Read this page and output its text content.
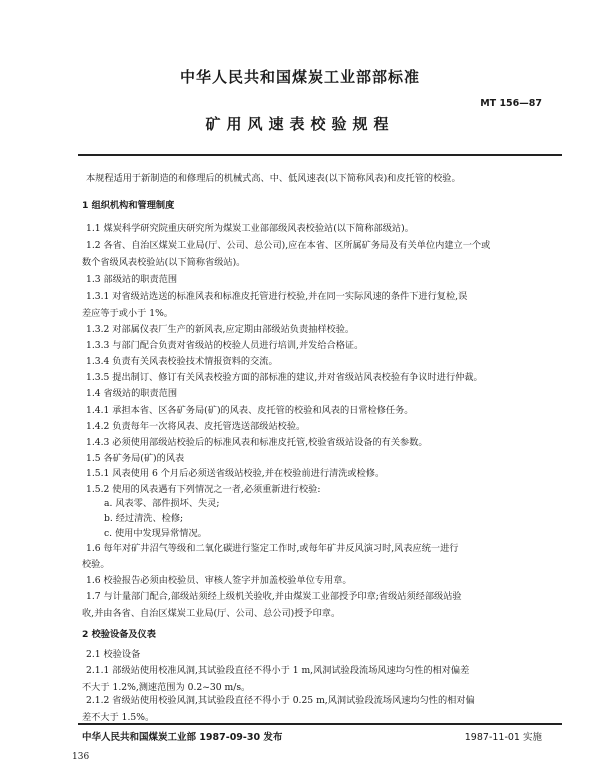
中华人民共和国煤炭工业部部标准
MT 156—87
矿用风速表校验规程
本规程适用于新制造的和修理后的机械式高、中、低风速表(以下简称风表)和皮托管的校验。
1 组织机构和管理制度
1.1 煤炭科学研究院重庆研究所为煤炭工业部部级风表校验站(以下简称部级站)。
1.2 各省、自治区煤炭工业局(厅、公司、总公司),应在本省、区所属矿务局及有关单位内建立一个或
数个省级风表校验站(以下简称省级站)。
1.3 部级站的职责范围
1.3.1 对省级站选送的标准风表和标准皮托管进行校验,并在同一实际风速的条件下进行复检,误
差应等于或小于 1%。
1.3.2 对部属仪表厂生产的新风表,应定期由部级站负责抽样校验。
1.3.3 与部门配合负责对省级站的校验人员进行培训,并发给合格证。
1.3.4 负责有关风表校验技术情报资料的交流。
1.3.5 提出制订、修订有关风表校验方面的部标准的建议,并对省级站风表校验有争议时进行仲裁。
1.4 省级站的职责范围
1.4.1 承担本省、区各矿务局(矿)的风表、皮托管的校验和风表的日常检修任务。
1.4.2 负责每年一次将风表、皮托管选送部级站校验。
1.4.3 必须使用部级站校验后的标准风表和标准皮托管,校验省级站设备的有关参数。
1.5 各矿务局(矿)的风表
1.5.1 风表使用 6 个月后必须送省级站校验,并在校验前进行清洗或检修。
1.5.2 使用的风表遇有下列情况之一者,必须重新进行校验:
a. 风表零、部件损坏、失灵;
b. 经过清洗、检修;
c. 使用中发现异常情况。
1.6 每年对矿井沼气等级和二氧化碳进行鉴定工作时,或每年矿井反风演习时,风表应统一进行
校验。
1.6 校验报告必须由校验员、审核人签字并加盖校验单位专用章。
1.7 与计量部门配合,部级站须经上级机关验收,并由煤炭工业部授予印章;省级站须经部级站验
收,并由各省、自治区煤炭工业局(厅、公司、总公司)授予印章。
2 校验设备及仪表
2.1 校验设备
2.1.1 部级站使用校准风洞,其试验段直径不得小于 1 m,风洞试验段流场风速均匀性的相对偏差
不大于 1.2%,测速范围为 0.2~30 m/s。
2.1.2 省级站使用校验风洞,其试验段直径不得小于 0.25 m,风洞试验段流场风速均匀性的相对偏
差不大于 1.5%。
中华人民共和国煤炭工业部 1987-09-30 发布	1987-11-01 实施
136
